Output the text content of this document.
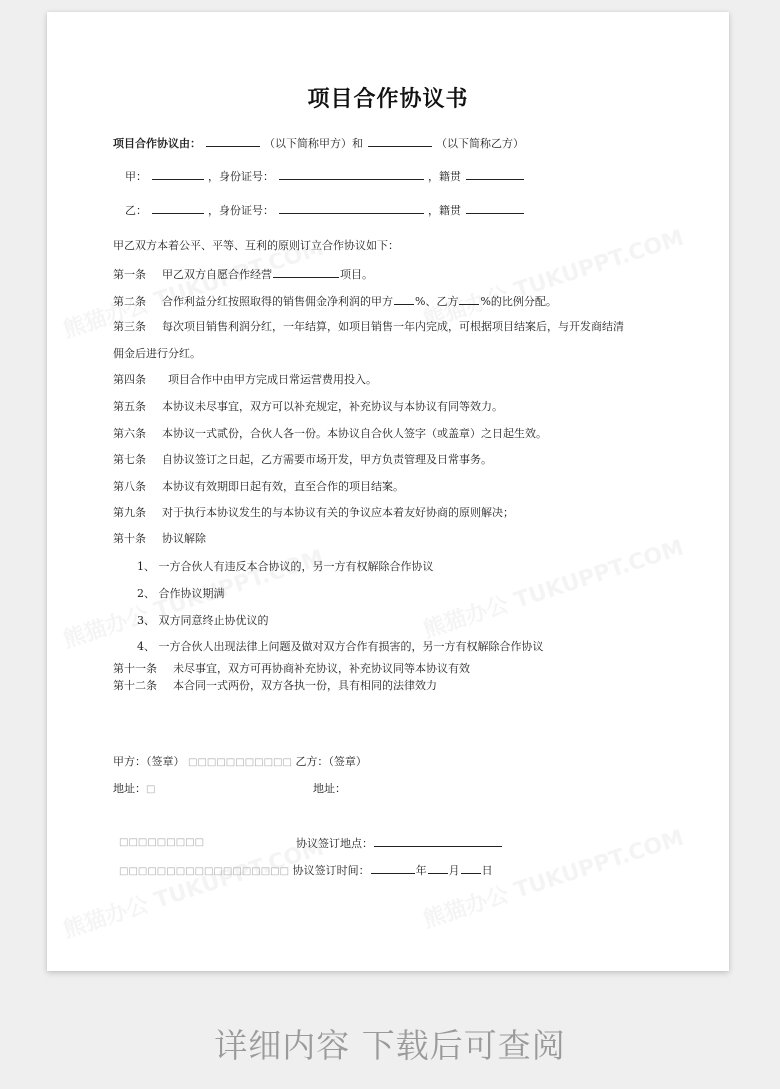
项目合作协议书
项目合作协议由：	（以下简称甲方）和	（以下简称乙方）
甲：	，身份证号：	，籍贯
乙：	，身份证号：	，籍贯
甲乙双方本着公平、平等、互利的原则订立合作协议如下：
第一条 甲乙双方自愿合作经营	项目。
第二条 合作利益分红按照取得的销售佣金净利润的甲方 %、乙方 %的比例分配。
第三条 每次项目销售利润分红，一年结算，如项目销售一年内完成，可根据项目结案后，与开发商结清
佣金后进行分红。
第四条 项目合作中由甲方完成日常运营费用投入。
第五条 本协议未尽事宜，双方可以补充规定，补充协议与本协议有同等效力。
第六条 本协议一式贰份，合伙人各一份。本协议自合伙人签字（或盖章）之日起生效。
第七条 自协议签订之日起，乙方需要市场开发，甲方负责管理及日常事务。
第八条 本协议有效期即日起有效，直至合作的项目结案。
第九条 对于执行本协议发生的与本协议有关的争议应本着友好协商的原则解决；
第十条 协议解除
1、 一方合伙人有违反本合协议的，另一方有权解除合作协议
2、 合作协议期满
3、 双方同意终止协优议的
4、 一方合伙人出现法律上问题及做对双方合作有损害的，另一方有权解除合作协议
第十一条 未尽事宜，双方可再协商补充协议，补充协议同等本协议有效
第十二条 本合同一式两份，双方各执一份，具有相同的法律效力
甲方：（签章） □□□□□□□□□□□ 乙方：（签章）
地址：□	地址：
□□□□□□□□□	协议签订地点：
□□□□□□□□□□□□□□□□□□ 协议签订时间：	年 月 日
详细内容 下载后可查阅
